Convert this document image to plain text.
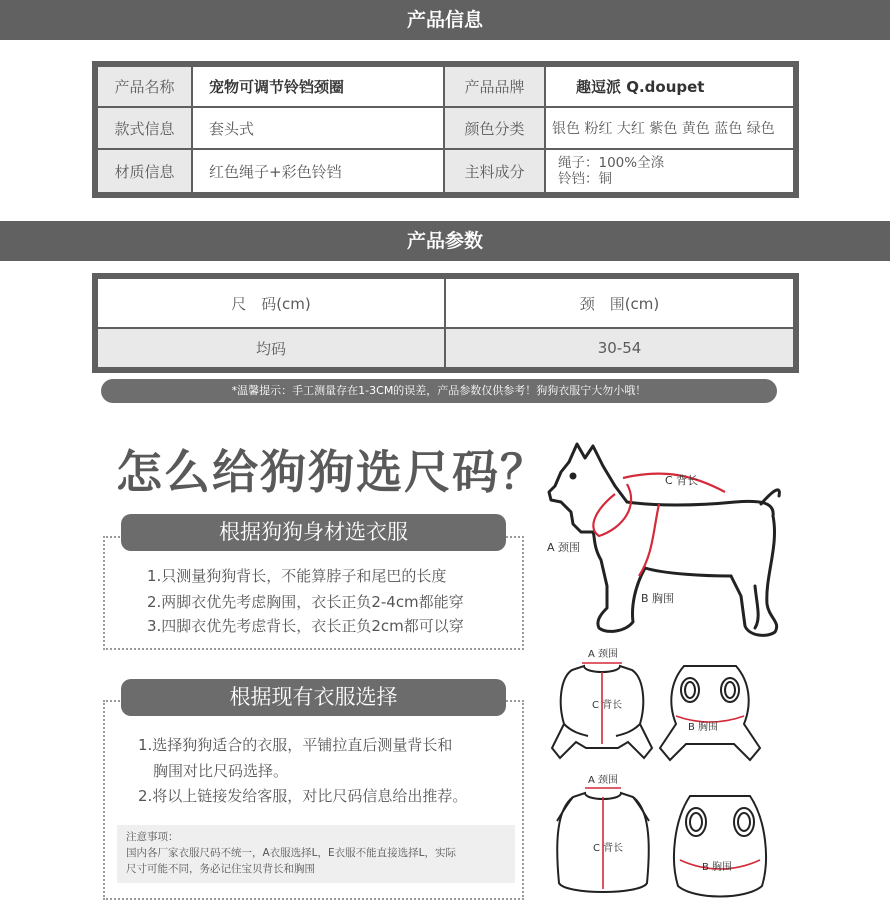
产品信息
产品名称	宠物可调节铃铛颈圈	产品品牌	趣逗派 Q.doupet
款式信息	套头式	颜色分类	银色 粉红 大红 紫色 黄色 蓝色 绿色
材质信息	红色绳子+彩色铃铛	主料成分	绳子：100%全涤
铃铛：铜
产品参数
尺　码(cm)	颈　围(cm)
均码	30-54
*温馨提示：手工测量存在1-3CM的误差，产品参数仅供参考！狗狗衣服宁大勿小哦！
怎么给狗狗选尺码？
根据狗狗身材选衣服
1.只测量狗狗背长，不能算脖子和尾巴的长度
2.两脚衣优先考虑胸围，衣长正负2-4cm都能穿
3.四脚衣优先考虑背长，衣长正负2cm都可以穿
根据现有衣服选择
1.选择狗狗适合的衣服，平铺拉直后测量背长和
胸围对比尺码选择。
2.将以上链接发给客服，对比尺码信息给出推荐。
注意事项：
国内各厂家衣服尺码不统一，A衣服选择L，E衣服不能直接选择L，实际
尺寸可能不同，务必记住宝贝背长和胸围
C 背长
A 颈围
B 胸围
A 颈围
C 背长
B 胸围
A 颈围
C 背长
B 胸围
